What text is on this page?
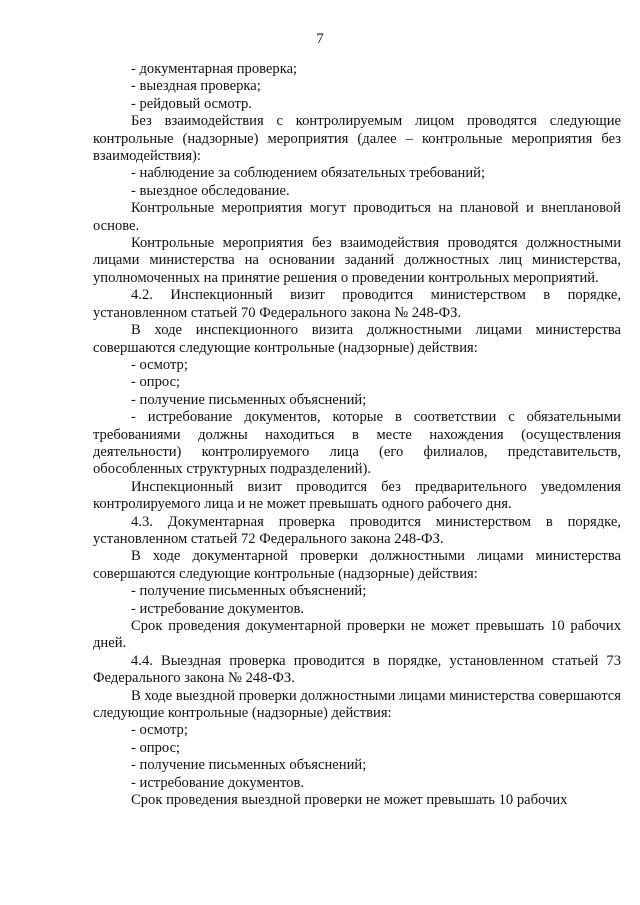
7

- документарная проверка;

- выездная проверка;

- рейдовый осмотр.

Без взаимодействия с контролируемым лицом проводятся следующие контрольные (надзорные) мероприятия (далее – контрольные мероприятия без взаимодействия):

- наблюдение за соблюдением обязательных требований;

- выездное обследование.

Контрольные мероприятия могут проводиться на плановой и внеплановой основе.

Контрольные мероприятия без взаимодействия проводятся должностными лицами министерства на основании заданий должностных лиц министерства, уполномоченных на принятие решения о проведении контрольных мероприятий.

4.2. Инспекционный визит проводится министерством в порядке, установленном статьей 70 Федерального закона № 248-ФЗ.

В ходе инспекционного визита должностными лицами министерства совершаются следующие контрольные (надзорные) действия:

- осмотр;

- опрос;

- получение письменных объяснений;

- истребование документов, которые в соответствии с обязательными требованиями должны находиться в месте нахождения (осуществления деятельности) контролируемого лица (его филиалов, представительств, обособленных структурных подразделений).

Инспекционный визит проводится без предварительного уведомления контролируемого лица и не может превышать одного рабочего дня.

4.3. Документарная проверка проводится министерством в порядке, установленном статьей 72 Федерального закона 248-ФЗ.

В ходе документарной проверки должностными лицами министерства совершаются следующие контрольные (надзорные) действия:

- получение письменных объяснений;

- истребование документов.

Срок проведения документарной проверки не может превышать 10 рабочих дней.

4.4. Выездная проверка проводится в порядке, установленном статьей 73 Федерального закона № 248-ФЗ.

В ходе выездной проверки должностными лицами министерства совершаются следующие контрольные (надзорные) действия:

- осмотр;

- опрос;

- получение письменных объяснений;

- истребование документов.

Срок проведения выездной проверки не может превышать 10 рабочих
